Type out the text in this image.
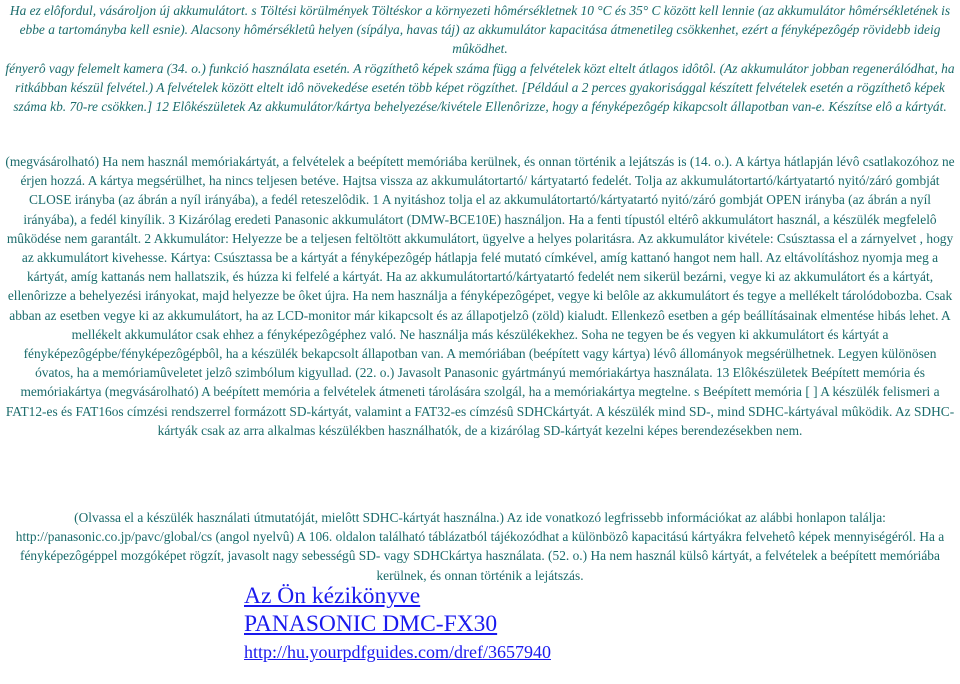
Ha ez elôfordul, vásároljon új akkumulátort. s Töltési körülmények Töltéskor a környezeti hômérsékletnek 10 °C és 35° C között kell lennie (az akkumulátor hômérsékletének is ebbe a tartományba kell esnie). Alacsony hômérsékletû helyen (sípálya, havas táj) az akkumulátor kapacitása átmenetileg csökkenhet, ezért a fényképezôgép rövidebb ideig mûködhet.

fényerô vagy felemelt kamera (34. o.) funkció használata esetén. A rögzíthetô képek száma függ a felvételek közt eltelt átlagos idôtôl. (Az akkumulátor jobban regenerálódhat, ha ritkábban készül felvétel.) A felvételek között eltelt idô növekedése esetén több képet rögzíthet. [Például a 2 perces gyakorisággal készített felvételek esetén a rögzíthetô képek száma kb. 70-re csökken.] 12 Elôkészületek Az akkumulátor/kártya behelyezése/kivétele Ellenôrizze, hogy a fényképezôgép kikapcsolt állapotban van-e. Készítse elô a kártyát.

(megvásárolható) Ha nem használ memóriakártyát, a felvételek a beépített memóriába kerülnek, és onnan történik a lejátszás is (14. o.). A kártya hátlapján lévô csatlakozóhoz ne érjen hozzá. A kártya megsérülhet, ha nincs teljesen betéve. Hajtsa vissza az akkumulátortartó/ kártyatartó fedelét. Tolja az akkumulátortartó/kártyatartó nyitó/záró gombját CLOSE irányba (az ábrán a nyíl irányába), a fedél reteszelôdik. 1 A nyitáshoz tolja el az akkumulátortartó/kártyatartó nyitó/záró gombját OPEN irányba (az ábrán a nyíl irányába), a fedél kinyílik. 3 Kizárólag eredeti Panasonic akkumulátort (DMW-BCE10E) használjon. Ha a fenti típustól eltérô akkumulátort használ, a készülék megfelelô mûködése nem garantált. 2 Akkumulátor: Helyezze be a teljesen feltöltött akkumulátort, ügyelve a helyes polaritásra. Az akkumulátor kivétele: Csúsztassa el a zárnyelvet , hogy az akkumulátort kivehesse. Kártya: Csúsztassa be a kártyát a fényképezôgép hátlapja felé mutató címkével, amíg kattanó hangot nem hall. Az eltávolításhoz nyomja meg a kártyát, amíg kattanás nem hallatszik, és húzza ki felfelé a kártyát. Ha az akkumulátortartó/kártyatartó fedelét nem sikerül bezárni, vegye ki az akkumulátort és a kártyát, ellenôrizze a behelyezési irányokat, majd helyezze be ôket újra. Ha nem használja a fényképezôgépet, vegye ki belôle az akkumulátort és tegye a mellékelt tárolódobozba. Csak abban az esetben vegye ki az akkumulátort, ha az LCD-monitor már kikapcsolt és az állapotjelzô (zöld) kialudt. Ellenkezô esetben a gép beállításainak elmentése hibás lehet. A mellékelt akkumulátor csak ehhez a fényképezôgéphez való. Ne használja más készülékekhez. Soha ne tegyen be és vegyen ki akkumulátort és kártyát a fényképezôgépbe/fényképezôgépbôl, ha a készülék bekapcsolt állapotban van. A memóriában (beépített vagy kártya) lévô állományok megsérülhetnek. Legyen különösen óvatos, ha a memóriamûveletet jelzô szimbólum kigyullad. (22. o.) Javasolt Panasonic gyártmányú memóriakártya használata. 13 Elôkészületek Beépített memória és memóriakártya (megvásárolható) A beépített memória a felvételek átmeneti tárolására szolgál, ha a memóriakártya megtelne. s Beépített memória [ ] A készülék felismeri a FAT12-es és FAT16os címzési rendszerrel formázott SD-kártyát, valamint a FAT32-es címzésû SDHCkártyát. A készülék mind SD-, mind SDHC-kártyával mûködik. Az SDHC-kártyák csak az arra alkalmas készülékben használhatók, de a kizárólag SD-kártyát kezelni képes berendezésekben nem.

(Olvassa el a készülék használati útmutatóját, mielôtt SDHC-kártyát használna.) Az ide vonatkozó legfrissebb információkat az alábbi honlapon találja: http://panasonic.co.jp/pavc/global/cs (angol nyelvû) A 106. oldalon található táblázatból tájékozódhat a különbözô kapacitású kártyákra felvehetô képek mennyiségéról. Ha a fényképezôgéppel mozgóképet rögzít, javasolt nagy sebességû SD- vagy SDHCkártya használata. (52. o.) Ha nem használ külsô kártyát, a felvételek a beépített memóriába kerülnek, és onnan történik a lejátszás.

Az Ön kézikönyve
PANASONIC DMC-FX30
http://hu.yourpdfguides.com/dref/3657940
